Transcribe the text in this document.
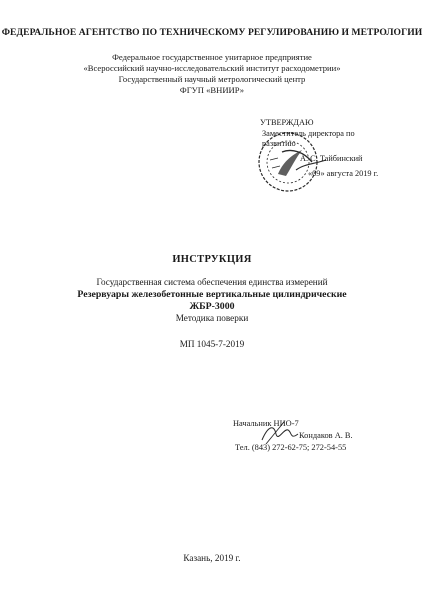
ФЕДЕРАЛЬНОЕ АГЕНТСТВО ПО ТЕХНИЧЕСКОМУ РЕГУЛИРОВАНИЮ И МЕТРОЛОГИИ
Федеральное государственное унитарное предприятие
«Всероссийский научно-исследовательский институт расходометрии»
Государственный научный метрологический центр
ФГУП «ВНИИР»
УТВЕРЖДАЮ
Заместитель директора по
развитию
А. С. Тайбинский
«09» августа 2019 г.
ИНСТРУКЦИЯ
Государственная система обеспечения единства измерений
Резервуары железобетонные вертикальные цилиндрические
ЖБР-3000
Методика поверки
МП 1045-7-2019
Начальник НИО-7
Кондаков А. В.
Тел. (843) 272-62-75; 272-54-55
Казань, 2019 г.
